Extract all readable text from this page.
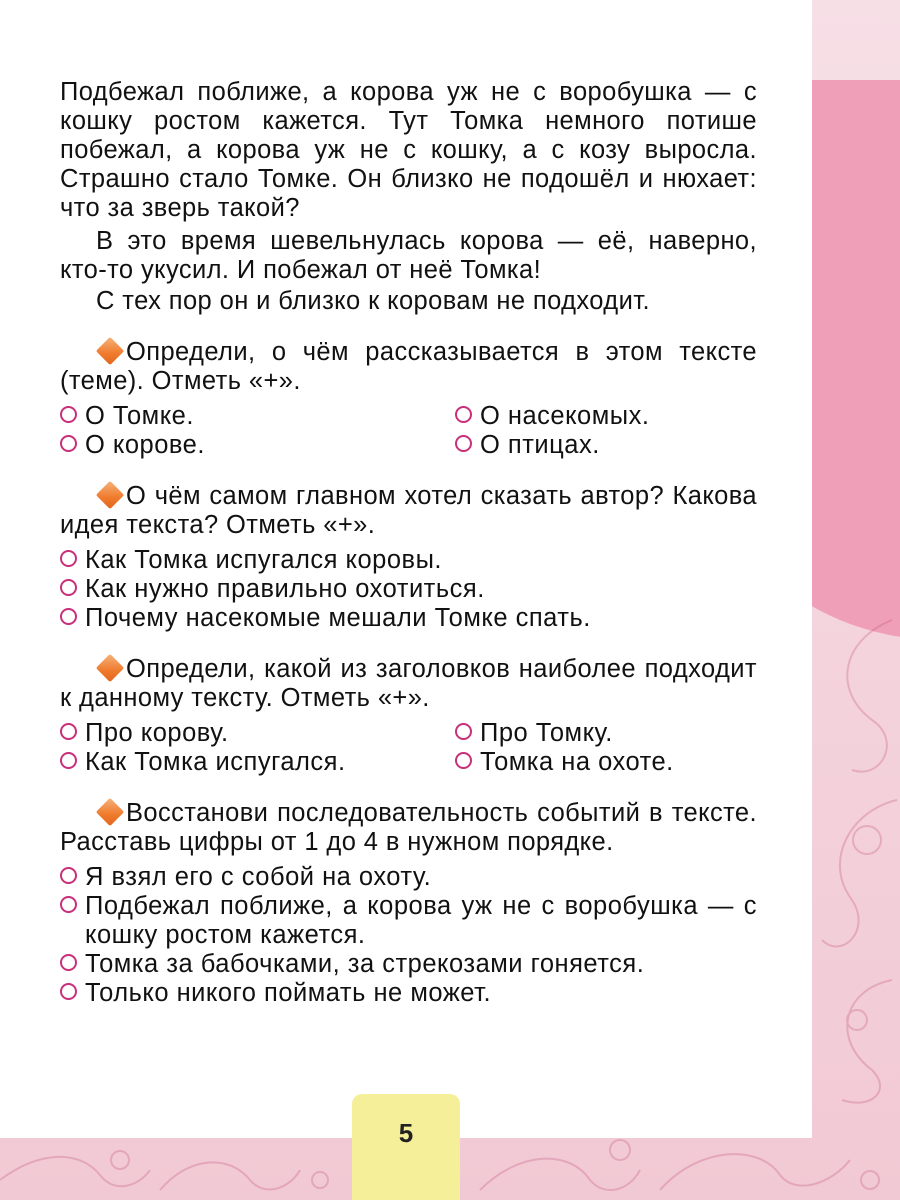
Подбежал поближе, а корова уж не с воробушка — с кошку ростом кажется. Тут Томка немного потише побежал, а корова уж не с кошку, а с козу выросла. Страшно стало Томке. Он близко не подошёл и нюхает: что за зверь такой?

В это время шевельнулась корова — её, наверно, кто-то укусил. И побежал от неё Томка!

С тех пор он и близко к коровам не подходит.

Определи, о чём рассказывается в этом тексте (теме). Отметь «+».

О Томке.	О насекомых.
О корове.	О птицах.

О чём самом главном хотел сказать автор? Какова идея текста? Отметь «+».

Как Томка испугался коровы.
Как нужно правильно охотиться.
Почему насекомые мешали Томке спать.

Определи, какой из заголовков наиболее подходит к данному тексту. Отметь «+».

Про корову.	Про Томку.
Как Томка испугался.	Томка на охоте.

Восстанови последовательность событий в тексте. Расставь цифры от 1 до 4 в нужном порядке.

Я взял его с собой на охоту.
Подбежал поближе, а корова уж не с воробушка — с кошку ростом кажется.
Томка за бабочками, за стрекозами гоняется.
Только никого поймать не может.
5
